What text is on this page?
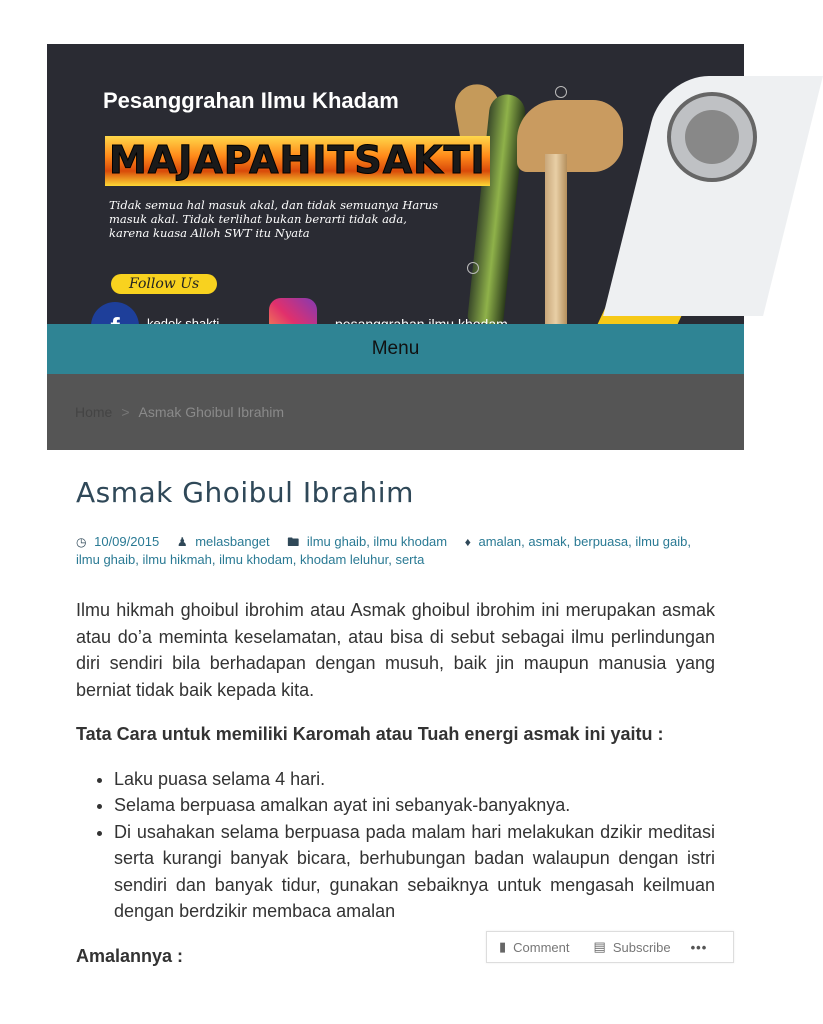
Pesanggrahan Ilmu Khadam
MAJAPAHITSAKTI
Tidak semua hal masuk akal, dan tidak semuanya Harus masuk akal. Tidak terlihat bukan berarti tidak ada, karena kuasa Alloh SWT itu Nyata
Follow Us
Menu
Home > Asmak Ghoibul Ibrahim
Asmak Ghoibul Ibrahim
◷ 10/09/2015 ♟ melasbanget 🖿 ilmu ghaib, ilmu khodam ♦ amalan, asmak, berpuasa, ilmu gaib, ilmu ghaib, ilmu hikmah, ilmu khodam, khodam leluhur, serta

Ilmu hikmah ghoibul ibrohim atau Asmak ghoibul ibrohim ini merupakan asmak atau do’a meminta keselamatan, atau bisa di sebut sebagai ilmu perlindungan diri sendiri bila berhadapan dengan musuh, baik jin maupun manusia yang berniat tidak baik kepada kita.

Tata Cara untuk memiliki Karomah atau Tuah energi asmak ini yaitu :

• Laku puasa selama 4 hari.
• Selama berpuasa amalkan ayat ini sebanyak-banyaknya.
• Di usahakan selama berpuasa pada malam hari melakukan dzikir meditasi serta kurangi banyak bicara, berhubungan badan walaupun dengan istri sendiri dan banyak tidur, gunakan sebaiknya untuk mengasah keilmuan dengan berdzikir membaca amalan

Amalannya :	▮ Comment ▤ Subscribe	•••
